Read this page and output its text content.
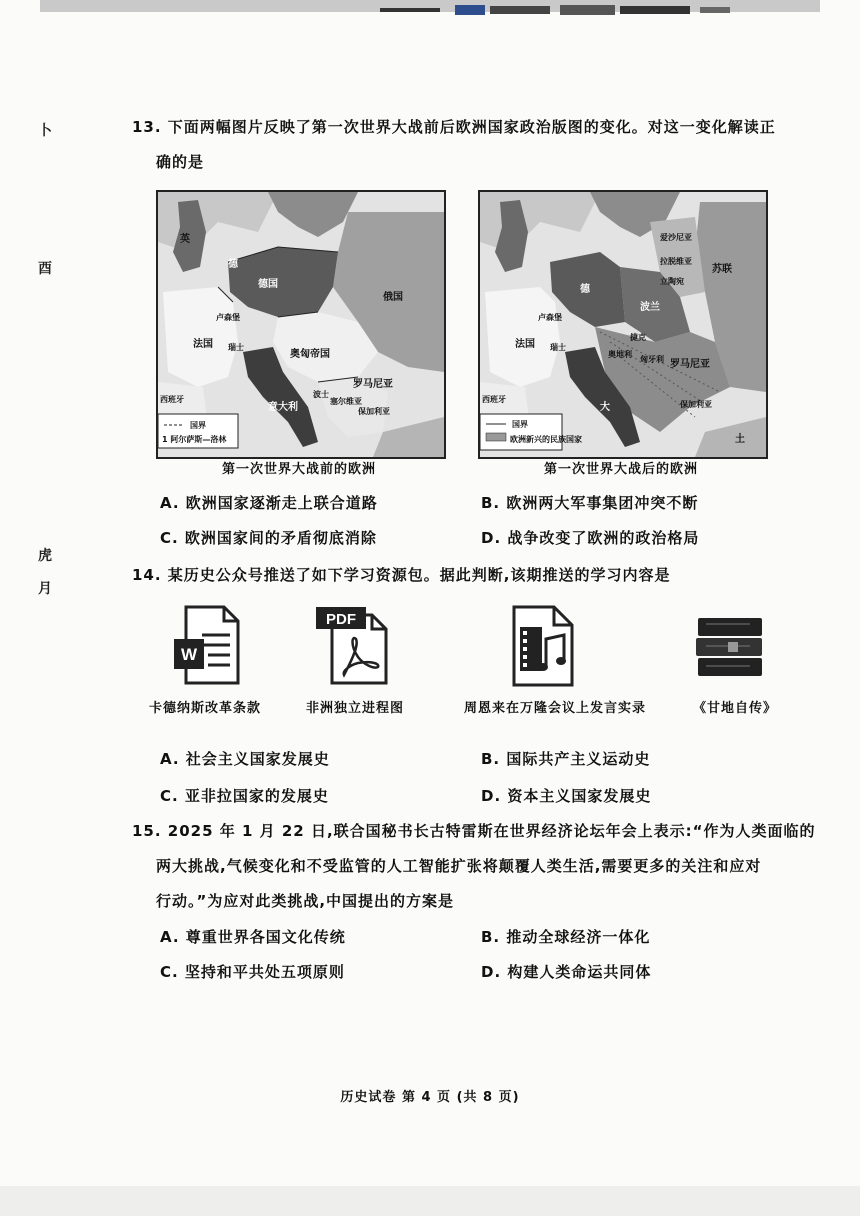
卜
酉
虎
月
13. 下面两幅图片反映了第一次世界大战前后欧洲国家政治版图的变化。对这一变化解读正
确的是
英
德
德国
俄国
法国
卢森堡
瑞士
奥匈帝国
罗马尼亚
塞尔维亚
保加利亚
西班牙
意大利
波士
国界
1 阿尔萨斯—洛林
第一次世界大战前的欧洲
苏联
波兰
德
法国
卢森堡
瑞士
奥地利
罗马尼亚
立陶宛
拉脱维亚
爱沙尼亚
捷克
匈牙利
保加利亚
西班牙
大
土
国界
欧洲新兴的民族国家
第一次世界大战后的欧洲
A. 欧洲国家逐渐走上联合道路	B. 欧洲两大军事集团冲突不断
C. 欧洲国家间的矛盾彻底消除	D. 战争改变了欧洲的政治格局
14. 某历史公众号推送了如下学习资源包。据此判断,该期推送的学习内容是
W
PDF
卡德纳斯改革条款	非洲独立进程图	周恩来在万隆会议上发言实录	《甘地自传》
A. 社会主义国家发展史	B. 国际共产主义运动史
C. 亚非拉国家的发展史	D. 资本主义国家发展史
15. 2025 年 1 月 22 日,联合国秘书长古特雷斯在世界经济论坛年会上表示:“作为人类面临的
两大挑战,气候变化和不受监管的人工智能扩张将颠覆人类生活,需要更多的关注和应对
行动。”为应对此类挑战,中国提出的方案是
A. 尊重世界各国文化传统	B. 推动全球经济一体化
C. 坚持和平共处五项原则	D. 构建人类命运共同体
历史试卷 第 4 页 (共 8 页)
